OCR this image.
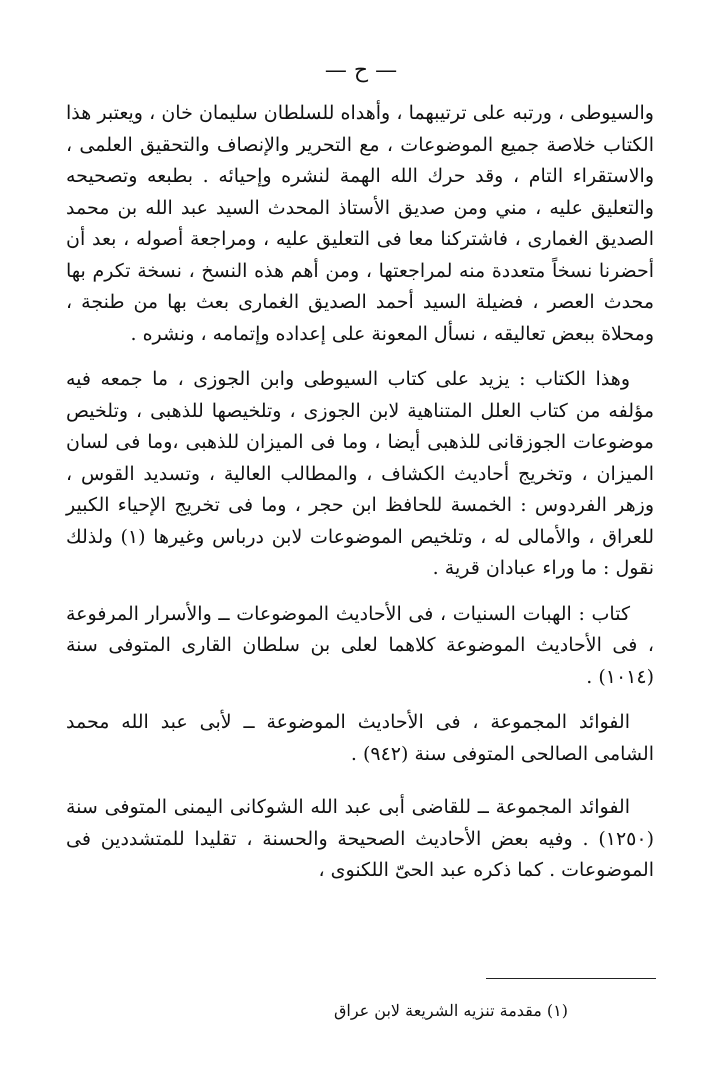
— ح —

والسيوطى ، ورتبه على ترتيبهما ، وأهداه للسلطان سليمان خان ، ويعتبر هذا الكتاب خلاصة جميع الموضوعات ، مع التحرير والإنصاف والتحقيق العلمى ، والاستقراء التام ، وقد حرك الله الهمة لنشره وإحيائه . بطبعه وتصحيحه والتعليق عليه ، مني ومن صديق الأستاذ المحدث السيد عبد الله بن محمد الصديق الغمارى ، فاشتركنا معا فى التعليق عليه ، ومراجعة أصوله ، بعد أن أحضرنا نسخاً متعددة منه لمراجعتها ، ومن أهم هذه النسخ ، نسخة تكرم بها محدث العصر ، فضيلة السيد أحمد الصديق الغمارى بعث بها من طنجة ، ومحلاة ببعض تعاليقه ، نسأل المعونة على إعداده وإتمامه ، ونشره .

وهذا الكتاب : يزيد على كتاب السيوطى وابن الجوزى ، ما جمعه فيه مؤلفه من كتاب العلل المتناهية لابن الجوزى ، وتلخيصها للذهبى ، وتلخيص موضوعات الجوزقانى للذهبى أيضا ، وما فى الميزان للذهبى ،وما فى لسان الميزان ، وتخريج أحاديث الكشاف ، والمطالب العالية ، وتسديد القوس ، وزهر الفردوس : الخمسة للحافظ ابن حجر ، وما فى تخريج الإحياء الكبير للعراق ، والأمالى له ، وتلخيص الموضوعات لابن درباس وغيرها (١) ولذلك نقول : ما وراء عبادان قرية .

كتاب : الهبات السنيات ، فى الأحاديث الموضوعات ــ والأسرار المرفوعة ، فى الأحاديث الموضوعة كلاهما لعلى بن سلطان القارى المتوفى سنة (١٠١٤) .

الفوائد المجموعة ، فى الأحاديث الموضوعة ــ لأبى عبد الله محمد الشامى الصالحى المتوفى سنة (٩٤٢) .

الفوائد المجموعة ــ للقاضى أبى عبد الله الشوكانى اليمنى المتوفى سنة (١٢٥٠) . وفيه بعض الأحاديث الصحيحة والحسنة ، تقليدا للمتشددين فى الموضوعات . كما ذكره عبد الحىّ اللكنوى ،

(١) مقدمة تنزيه الشريعة لابن عراق
